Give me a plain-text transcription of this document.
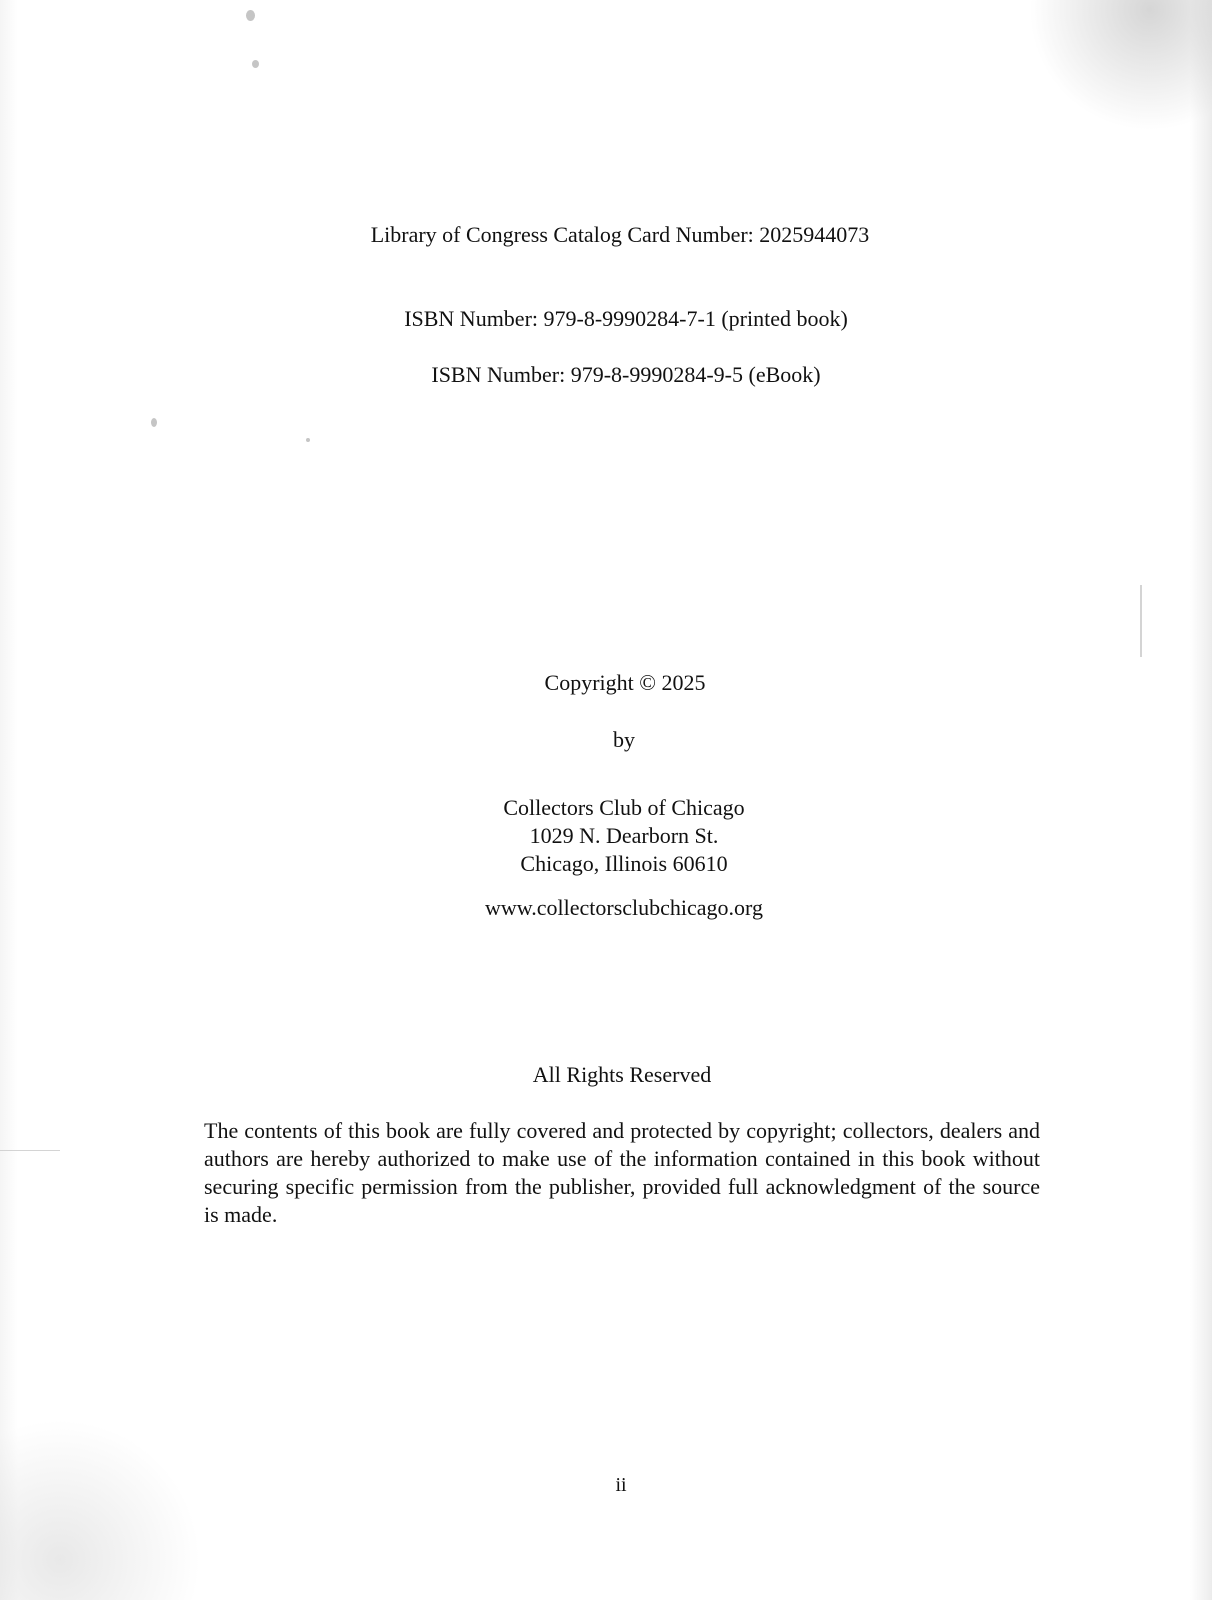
Library of Congress Catalog Card Number: 2025944073
ISBN Number: 979-8-9990284-7-1 (printed book)
ISBN Number: 979-8-9990284-9-5 (eBook)
Copyright © 2025
by
Collectors Club of Chicago
1029 N. Dearborn St.
Chicago, Illinois 60610
www.collectorsclubchicago.org
All Rights Reserved

The contents of this book are fully covered and protected by copyright; collectors, dealers and authors are hereby authorized to make use of the information contained in this book without securing specific permission from the publisher, provided full acknowledgment of the source is made.

ii
